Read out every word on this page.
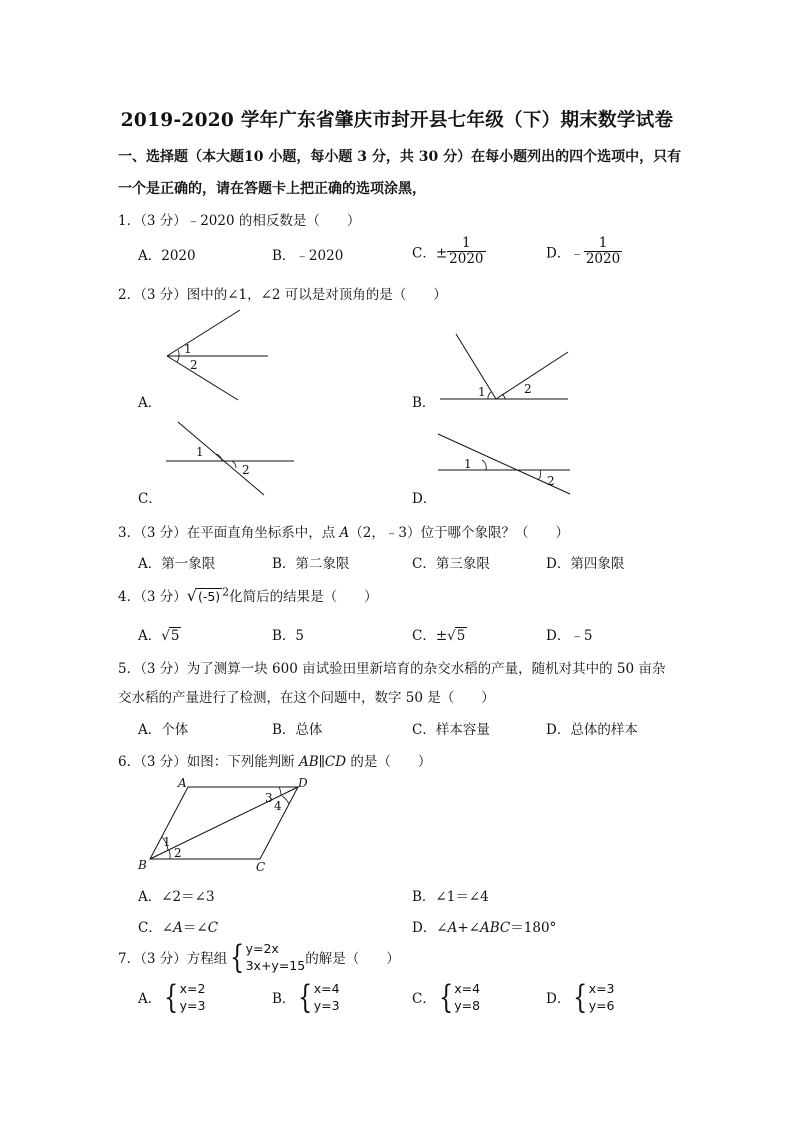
2019-2020 学年广东省肇庆市封开县七年级（下）期末数学试卷
一、选择题（本大题10 小题，每小题 3 分，共 30 分）在每小题列出的四个选项中，只有
一个是正确的，请在答题卡上把正确的选项涂黑，
1．（3 分）﹣2020 的相反数是（　　）
A．2020	B．﹣2020	C．± $\frac{1}{2020}$	D．﹣ $\frac{1}{2020}$
2．（3 分）图中的∠1，∠2 可以是对顶角的是（　　）
1
2
A．
1	2
B．
1
2
C．
1
2
D．
3．（3 分）在平面直角坐标系中，点 A（2，﹣3）位于哪个象限？（　　）
A．第一象限	B．第二象限	C．第三象限	D．第四象限
4．（3 分）√(-5) $^2$化简后的结果是（　　）
A．√5	B．5	C．±√5	D．﹣5
5．（3 分）为了测算一块 600 亩试验田里新培育的杂交水稻的产量，随机对其中的 50 亩杂
交水稻的产量进行了检测，在这个问题中，数字 50 是（　　）
A．个体	B．总体	C．样本容量	D．总体的样本
6．（3 分）如图：下列能判断 AB∥CD 的是（　　）
A
B	C
D
1
2
3
4
A．∠2＝∠3	B．∠1＝∠4
C．∠A＝∠C	D．∠A+∠ABC＝180°
7．（3 分）方程组{ y=2x
3x+y=15 的解是（　　）
A．{ x=2
y=3	B．{ x=4
y=3	C．{ x=4
y=8	D．{ x=3
y=6
